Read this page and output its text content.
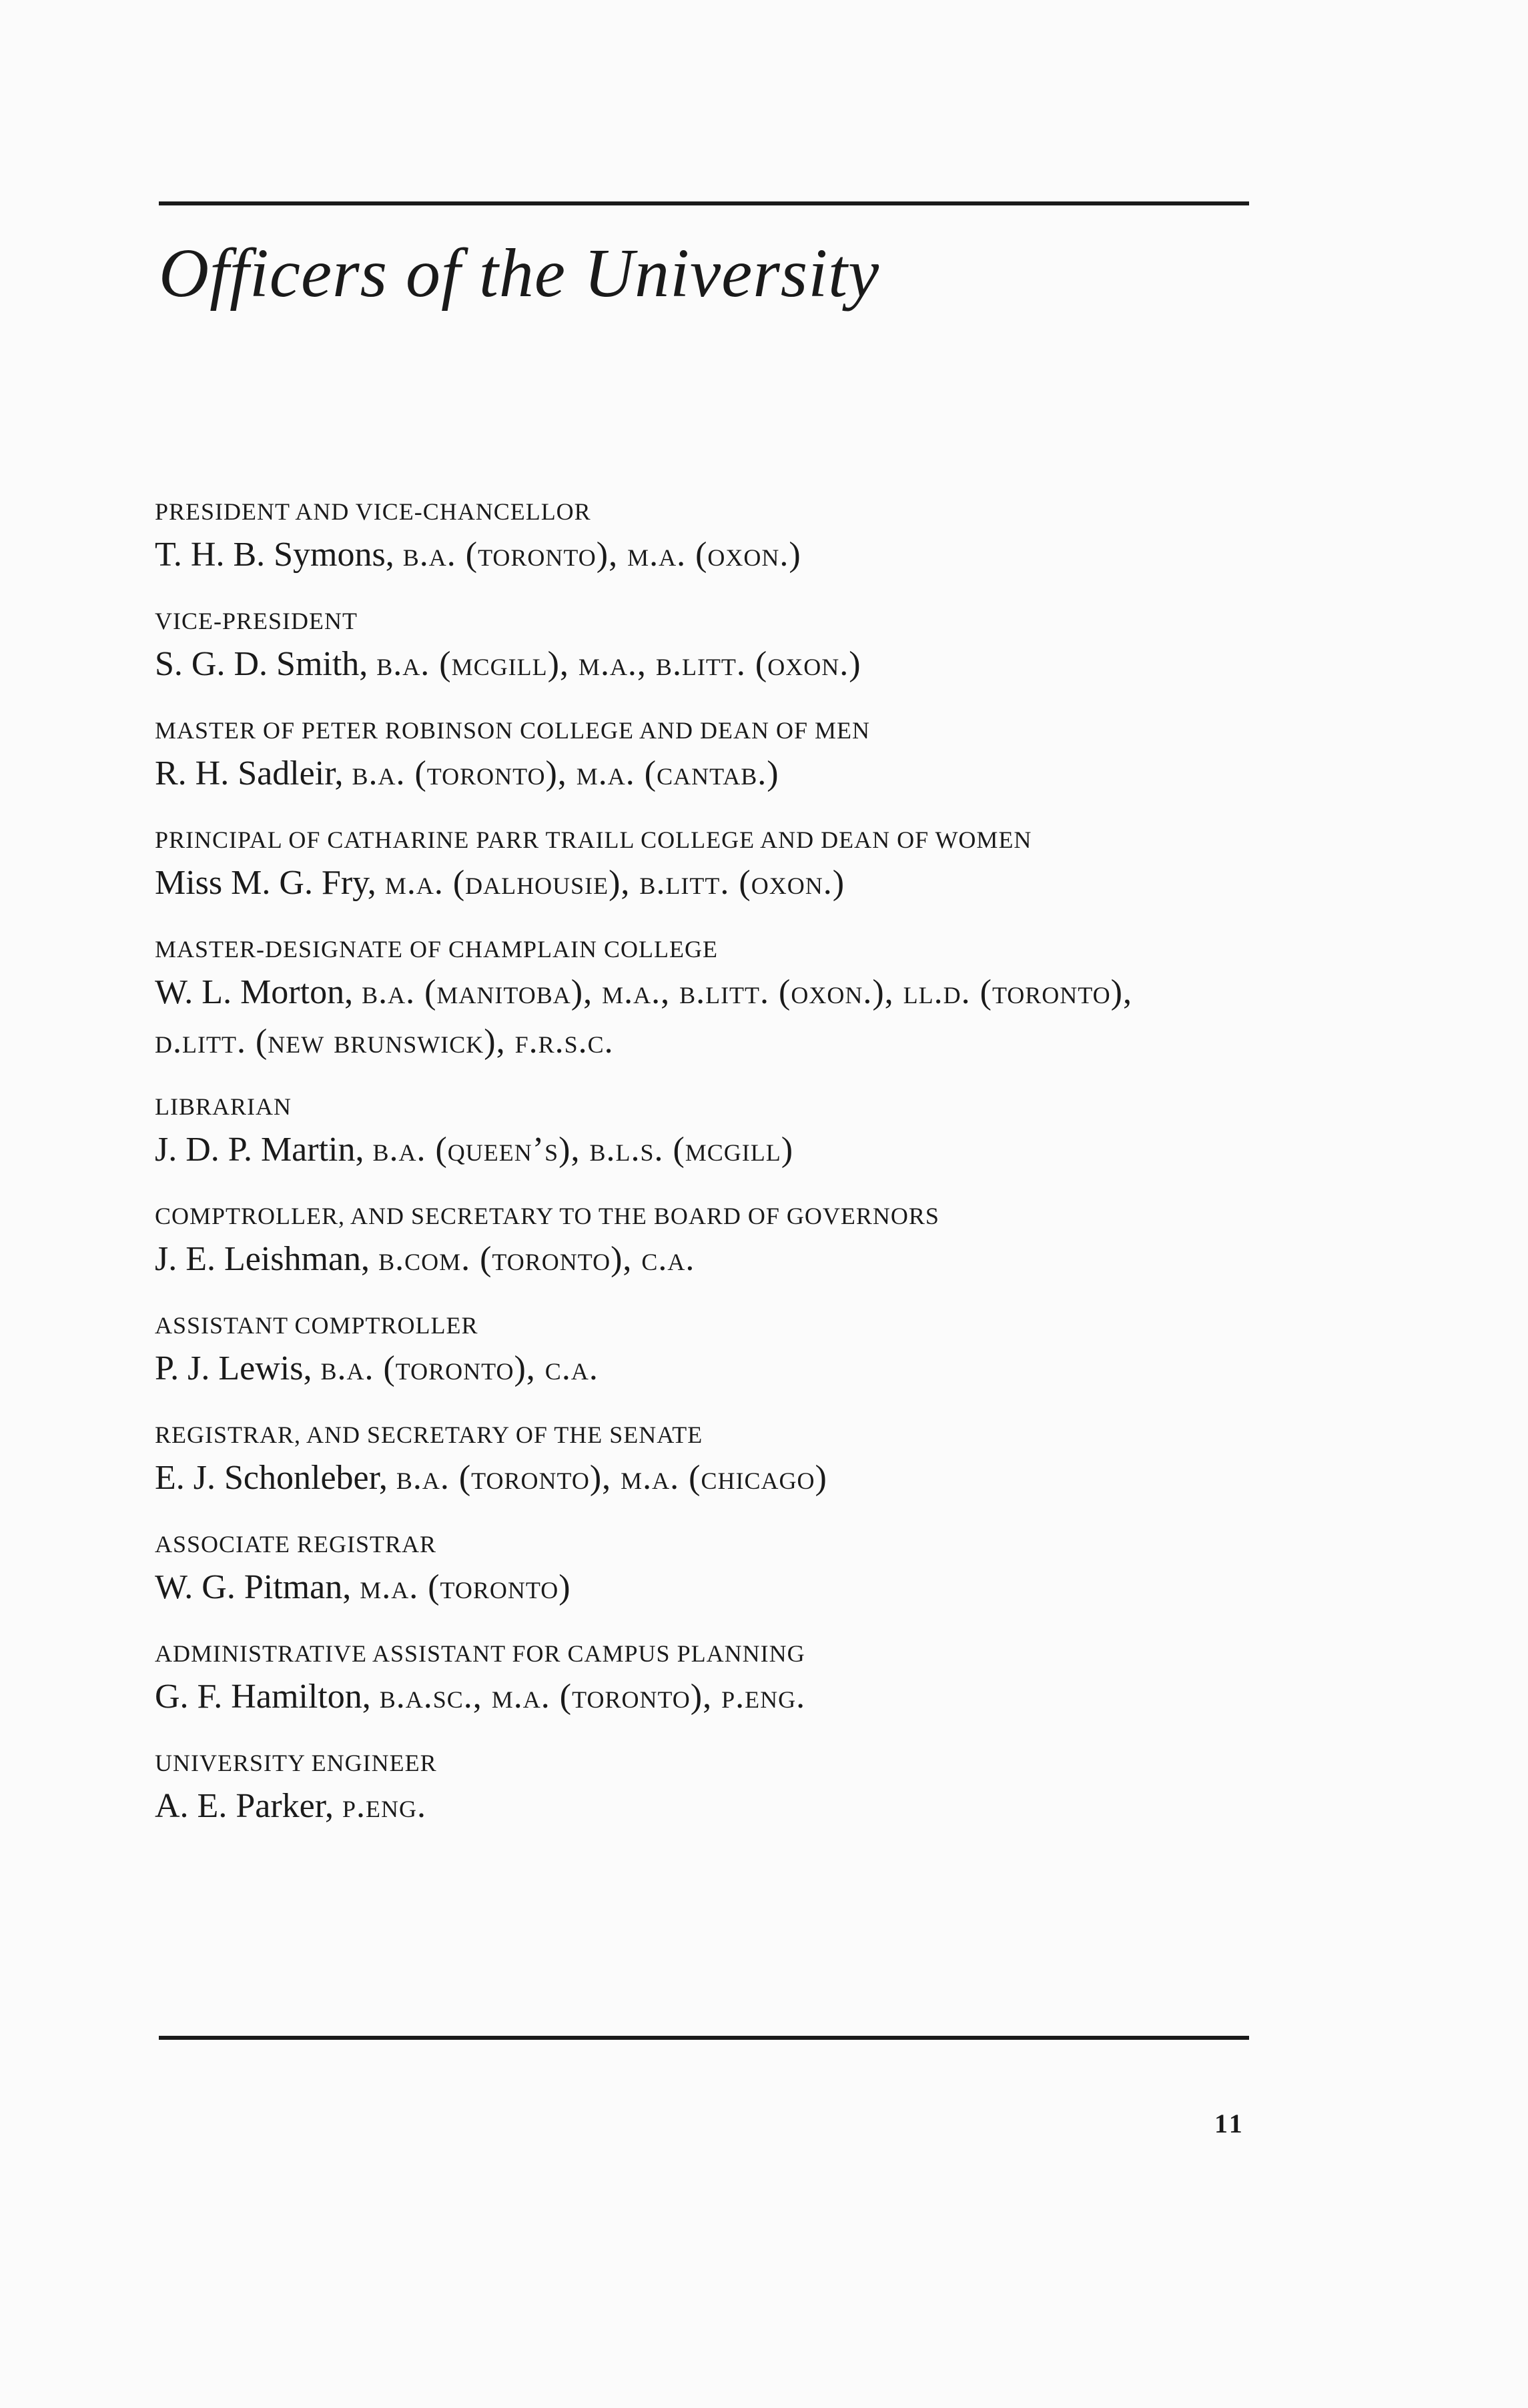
Officers of the University
PRESIDENT AND VICE-CHANCELLOR
T. H. B. Symons, b.a. (toronto), m.a. (oxon.)
VICE-PRESIDENT
S. G. D. Smith, b.a. (mcgill), m.a., b.litt. (oxon.)
MASTER OF PETER ROBINSON COLLEGE AND DEAN OF MEN
R. H. Sadleir, b.a. (toronto), m.a. (cantab.)
PRINCIPAL OF CATHARINE PARR TRAILL COLLEGE AND DEAN OF WOMEN
Miss M. G. Fry, m.a. (dalhousie), b.litt. (oxon.)
MASTER-DESIGNATE OF CHAMPLAIN COLLEGE
W. L. Morton, b.a. (manitoba), m.a., b.litt. (oxon.), ll.d. (toronto),
d.litt. (new brunswick), f.r.s.c.
LIBRARIAN
J. D. P. Martin, b.a. (queen’s), b.l.s. (mcgill)
COMPTROLLER, AND SECRETARY TO THE BOARD OF GOVERNORS
J. E. Leishman, b.com. (toronto), c.a.
ASSISTANT COMPTROLLER
P. J. Lewis, b.a. (toronto), c.a.
REGISTRAR, AND SECRETARY OF THE SENATE
E. J. Schonleber, b.a. (toronto), m.a. (chicago)
ASSOCIATE REGISTRAR
W. G. Pitman, m.a. (toronto)
ADMINISTRATIVE ASSISTANT FOR CAMPUS PLANNING
G. F. Hamilton, b.a.sc., m.a. (toronto), p.eng.
UNIVERSITY ENGINEER
A. E. Parker, p.eng.
11
